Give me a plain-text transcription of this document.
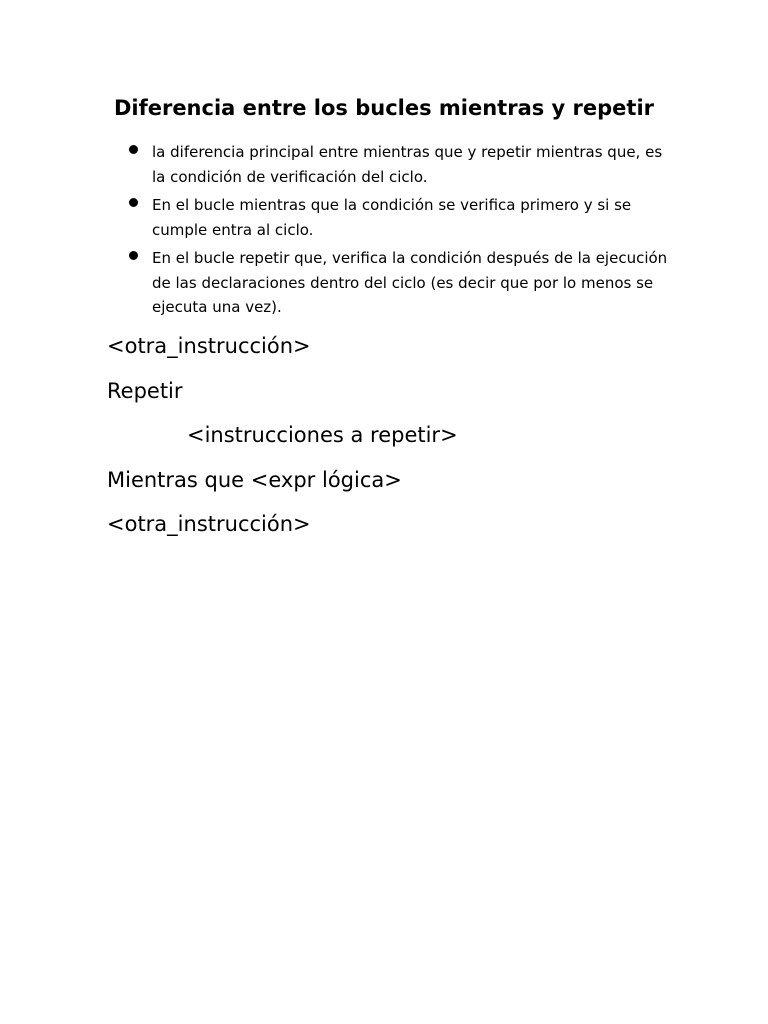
Diferencia entre los bucles mientras y repetir
la diferencia principal entre mientras que y repetir mientras que, es la condición de verificación del ciclo.
En el bucle mientras que la condición se verifica primero y si se cumple entra al ciclo.
En el bucle repetir que, verifica la condición después de la ejecución de las declaraciones dentro del ciclo (es decir que por lo menos se ejecuta una vez).

<otra_instrucción>

Repetir

<instrucciones a repetir>

Mientras que <expr lógica>

<otra_instrucción>
